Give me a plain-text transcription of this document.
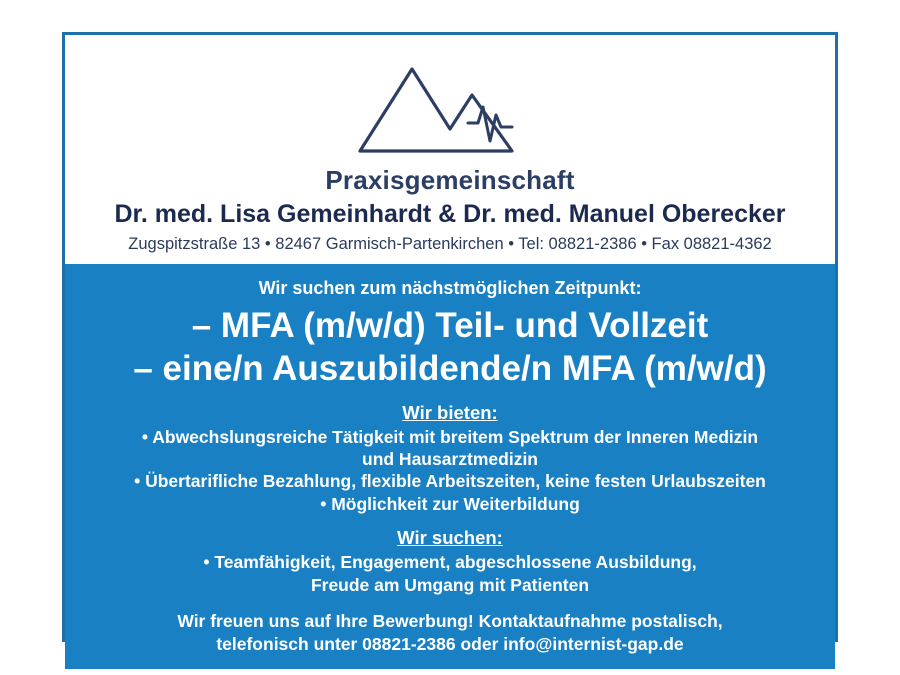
Praxisgemeinschaft
Dr. med. Lisa Gemeinhardt & Dr. med. Manuel Oberecker
Zugspitzstraße 13 • 82467 Garmisch-Partenkirchen • Tel: 08821-2386 • Fax 08821-4362
Wir suchen zum nächstmöglichen Zeitpunkt:
– MFA (m/w/d) Teil- und Vollzeit
– eine/n Auszubildende/n MFA (m/w/d)
Wir bieten:
• Abwechslungsreiche Tätigkeit mit breitem Spektrum der Inneren Medizin
und Hausarztmedizin
• Übertarifliche Bezahlung, flexible Arbeitszeiten, keine festen Urlaubszeiten
• Möglichkeit zur Weiterbildung
Wir suchen:
• Teamfähigkeit, Engagement, abgeschlossene Ausbildung,
Freude am Umgang mit Patienten
Wir freuen uns auf Ihre Bewerbung! Kontaktaufnahme postalisch,
telefonisch unter 08821-2386 oder info@internist-gap.de
